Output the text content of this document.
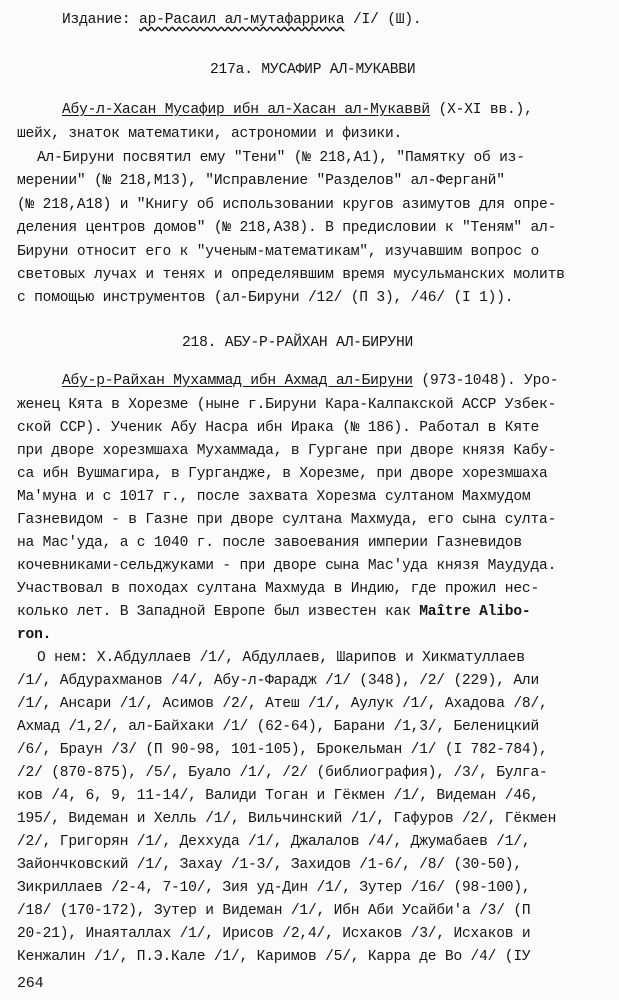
Издание: ар-Расаил ал-мутафаррика /I/ (Ш).
217а. МУСАФИР АЛ-МУКАВВИ
Абу-л-Хасан Мусафир ибн ал-Хасан ал-Мукаввй (X-XI вв.),
шейх, знаток математики, астрономии и физики.
Ал-Бируни посвятил ему "Тени" (№ 218,А1), "Памятку об из-
мерении" (№ 218,М13), "Исправление "Разделов" ал-Ферганй"
(№ 218,А18) и "Книгу об использовании кругов азимутов для опре-
деления центров домов" (№ 218,А38). В предисловии к "Теням" ал-
Бируни относит его к "ученым-математикам", изучавшим вопрос о
световых лучах и тенях и определявшим время мусульманских молитв
с помощью инструментов (ал-Бируни /12/ (П 3), /46/ (I 1)).
218. АБУ-Р-РАЙХАН АЛ-БИРУНИ
Абу-р-Райхан Мухаммад ибн Ахмад ал-Бируни (973-1048). Уро-
женец Кята в Хорезме (ныне г.Бируни Кара-Калпакской АССР Узбек-
ской ССР). Ученик Абу Насра ибн Ирака (№ 186). Работал в Кяте
при дворе хорезмшаха Мухаммада, в Гургане при дворе князя Кабу-
са ибн Вушмагира, в Гургандже, в Хорезме, при дворе хорезмшаха
Ма'муна и с 1017 г., после захвата Хорезма султаном Махмудом
Газневидом - в Газне при дворе султана Махмуда, его сына султа-
на Мас'уда, а с 1040 г. после завоевания империи Газневидов
кочевниками-сельджуками - при дворе сына Мас'уда князя Маудуда.
Участвовал в походах султана Махмуда в Индию, где прожил нес-
колько лет. В Западной Европе был известен как Maître Alibo-
ron.
О нем: Х.Абдуллаев /1/, Абдуллаев, Шарипов и Хикматуллаев
/1/, Абдурахманов /4/, Абу-л-Фарадж /1/ (348), /2/ (229), Али
/1/, Ансари /1/, Асимов /2/, Атеш /1/, Аулук /1/, Ахадова /8/,
Ахмад /1,2/, ал-Байхаки /1/ (62-64), Барани /1,3/, Беленицкий
/6/, Браун /3/ (П 90-98, 101-105), Брокельман /1/ (I 782-784),
/2/ (870-875), /5/, Буало /1/, /2/ (библиография), /3/, Булга-
ков /4, 6, 9, 11-14/, Валиди Тоган и Гёкмен /1/, Видеман /46,
195/, Видеман и Хелль /1/, Вильчинский /1/, Гафуров /2/, Гёкмен
/2/, Григорян /1/, Деххуда /1/, Джалалов /4/, Джумабаев /1/,
Зайончковский /1/, Захау /1-3/, Захидов /1-6/, /8/ (30-50),
Зикриллаев /2-4, 7-10/, Зия уд-Дин /1/, Зутер /16/ (98-100),
/18/ (170-172), Зутер и Видеман /1/, Ибн Аби Усайби'а /3/ (П
20-21), Инаяталлах /1/, Ирисов /2,4/, Исхаков /3/, Исхаков и
Кенжалин /1/, П.Э.Кале /1/, Каримов /5/, Карра де Во /4/ (IУ
264
